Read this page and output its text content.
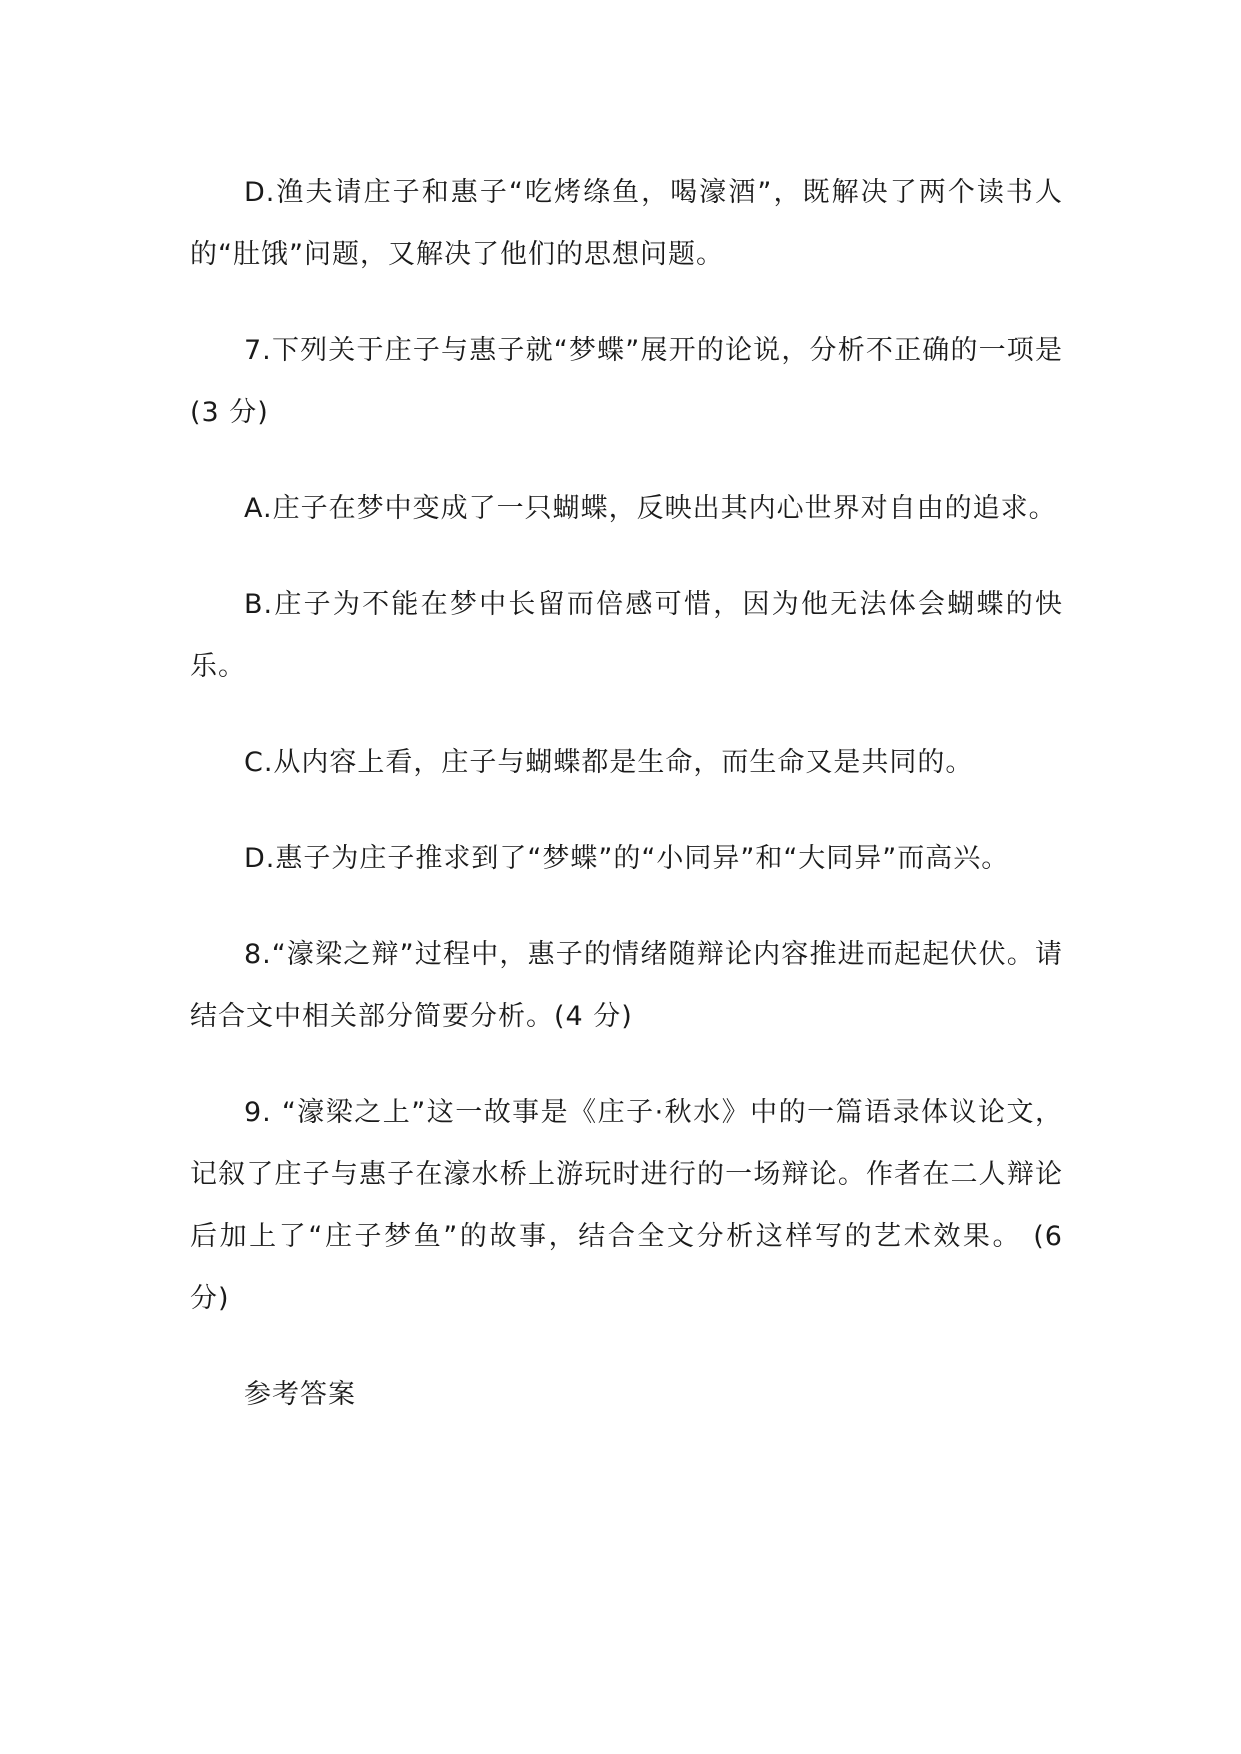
D.渔夫请庄子和惠子“吃烤绦鱼，喝濠酒”，既解决了两个读书人的“肚饿”问题，又解决了他们的思想问题。

7.下列关于庄子与惠子就“梦蝶”展开的论说，分析不正确的一项是(3 分)

A.庄子在梦中变成了一只蝴蝶，反映出其内心世界对自由的追求。

B.庄子为不能在梦中长留而倍感可惜，因为他无法体会蝴蝶的快乐。

C.从内容上看，庄子与蝴蝶都是生命，而生命又是共同的。

D.惠子为庄子推求到了“梦蝶”的“小同异”和“大同异”而高兴。

8.“濠梁之辩”过程中，惠子的情绪随辩论内容推进而起起伏伏。请结合文中相关部分简要分析。(4 分)

9. “濠梁之上”这一故事是《庄子·秋水》中的一篇语录体议论文，记叙了庄子与惠子在濠水桥上游玩时进行的一场辩论。作者在二人辩论后加上了“庄子梦鱼”的故事，结合全文分析这样写的艺术效果。 (6 分)

参考答案
